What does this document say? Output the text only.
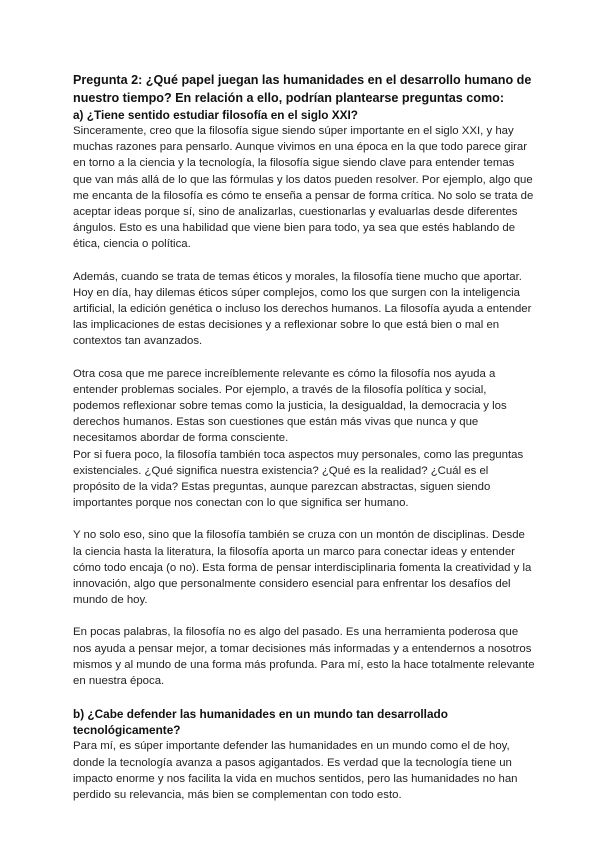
Pregunta 2: ¿Qué papel juegan las humanidades en el desarrollo humano de nuestro tiempo? En relación a ello, podrían plantearse preguntas como:

a) ¿Tiene sentido estudiar filosofía en el siglo XXI?

Sinceramente, creo que la filosofía sigue siendo súper importante en el siglo XXI, y hay muchas razones para pensarlo. Aunque vivimos en una época en la que todo parece girar en torno a la ciencia y la tecnología, la filosofía sigue siendo clave para entender temas que van más allá de lo que las fórmulas y los datos pueden resolver. Por ejemplo, algo que me encanta de la filosofía es cómo te enseña a pensar de forma crítica. No solo se trata de aceptar ideas porque sí, sino de analizarlas, cuestionarlas y evaluarlas desde diferentes ángulos. Esto es una habilidad que viene bien para todo, ya sea que estés hablando de ética, ciencia o política.

Además, cuando se trata de temas éticos y morales, la filosofía tiene mucho que aportar. Hoy en día, hay dilemas éticos súper complejos, como los que surgen con la inteligencia artificial, la edición genética o incluso los derechos humanos. La filosofía ayuda a entender las implicaciones de estas decisiones y a reflexionar sobre lo que está bien o mal en contextos tan avanzados.

Otra cosa que me parece increíblemente relevante es cómo la filosofía nos ayuda a entender problemas sociales. Por ejemplo, a través de la filosofía política y social, podemos reflexionar sobre temas como la justicia, la desigualdad, la democracia y los derechos humanos. Estas son cuestiones que están más vivas que nunca y que necesitamos abordar de forma consciente.

Por si fuera poco, la filosofía también toca aspectos muy personales, como las preguntas existenciales. ¿Qué significa nuestra existencia? ¿Qué es la realidad? ¿Cuál es el propósito de la vida? Estas preguntas, aunque parezcan abstractas, siguen siendo importantes porque nos conectan con lo que significa ser humano.

Y no solo eso, sino que la filosofía también se cruza con un montón de disciplinas. Desde la ciencia hasta la literatura, la filosofía aporta un marco para conectar ideas y entender cómo todo encaja (o no). Esta forma de pensar interdisciplinaria fomenta la creatividad y la innovación, algo que personalmente considero esencial para enfrentar los desafíos del mundo de hoy.

En pocas palabras, la filosofía no es algo del pasado. Es una herramienta poderosa que nos ayuda a pensar mejor, a tomar decisiones más informadas y a entendernos a nosotros mismos y al mundo de una forma más profunda. Para mí, esto la hace totalmente relevante en nuestra época.

b) ¿Cabe defender las humanidades en un mundo tan desarrollado tecnológicamente?

Para mí, es súper importante defender las humanidades en un mundo como el de hoy, donde la tecnología avanza a pasos agigantados. Es verdad que la tecnología tiene un impacto enorme y nos facilita la vida en muchos sentidos, pero las humanidades no han perdido su relevancia, más bien se complementan con todo esto.
